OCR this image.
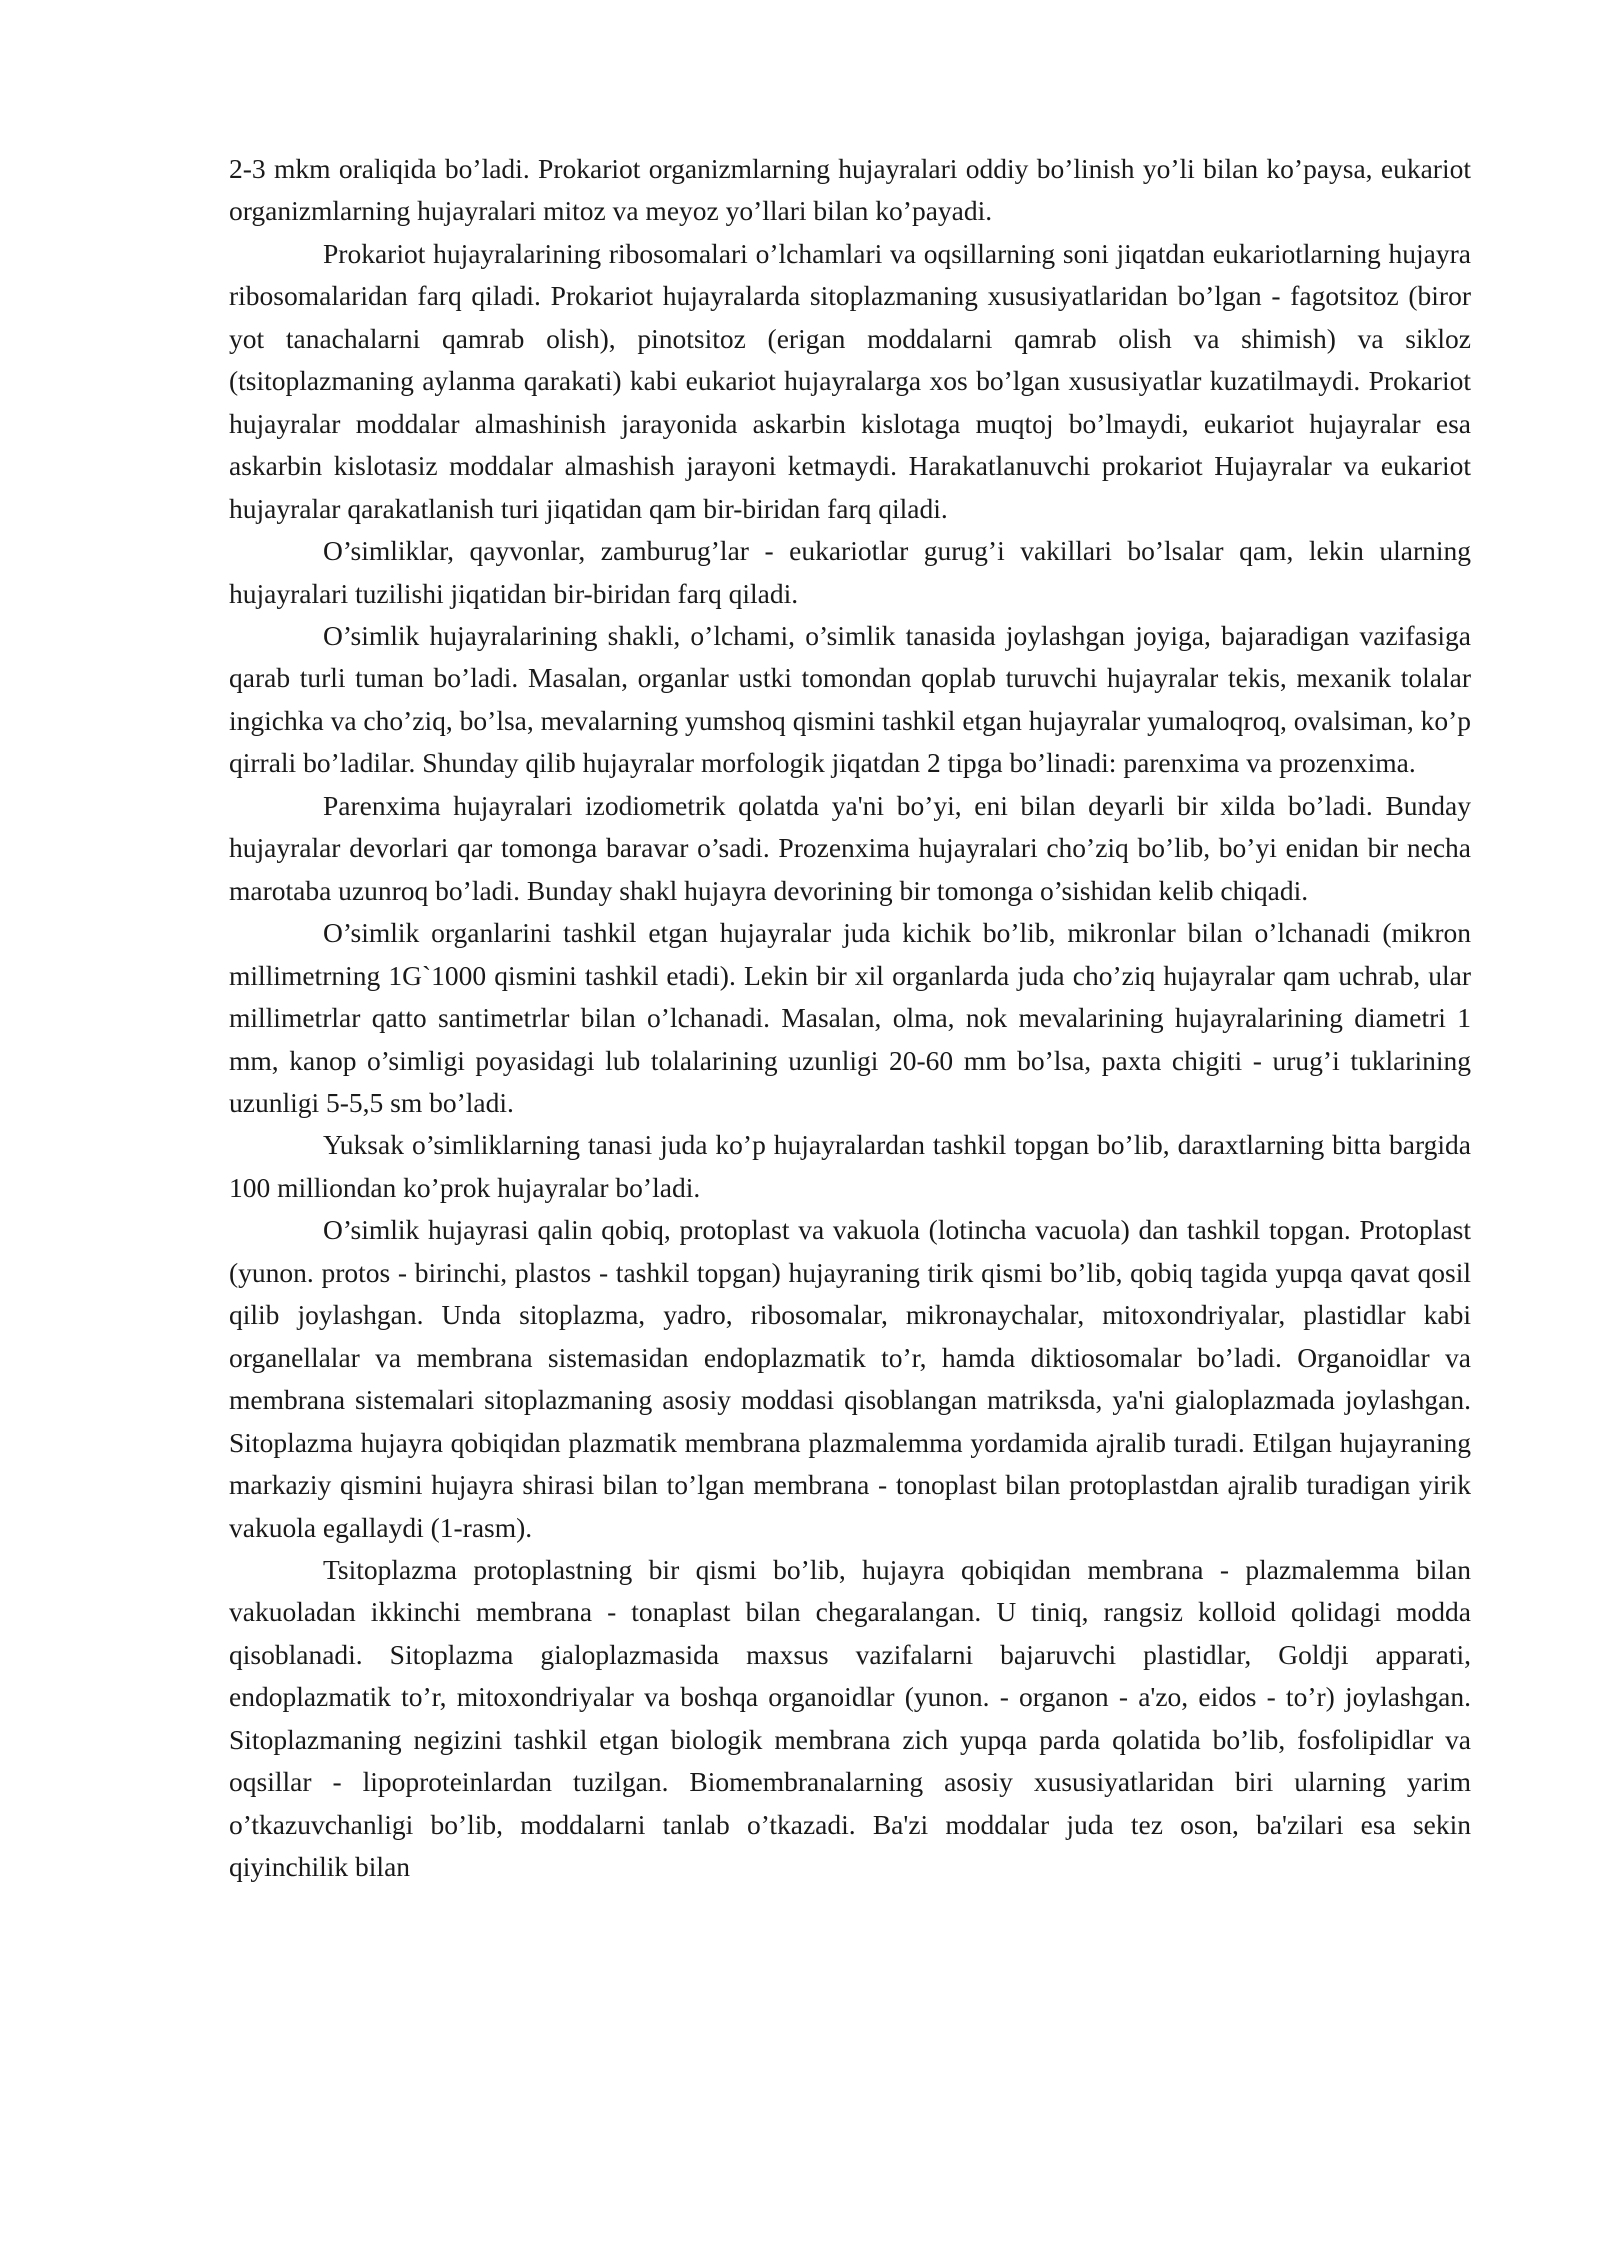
2-3 mkm oraliqida bo’ladi. Prokariot organizmlarning hujayralari oddiy bo’linish yo’li bilan ko’paysa, eukariot organizmlarning hujayralari mitoz va meyoz yo’llari bilan ko’payadi.

Prokariot hujayralarining ribosomalari o’lchamlari va oqsillarning soni jiqatdan eukariotlarning hujayra ribosomalaridan farq qiladi. Prokariot hujayralarda sitoplazmaning xususiyatlaridan bo’lgan - fagotsitoz (biror yot tanachalarni qamrab olish), pinotsitoz (erigan moddalarni qamrab olish va shimish) va sikloz (tsitoplazmaning aylanma qarakati) kabi eukariot hujayralarga xos bo’lgan xususiyatlar kuzatilmaydi. Prokariot hujayralar moddalar almashinish jarayonida askarbin kislotaga muqtoj bo’lmaydi, eukariot hujayralar esa askarbin kislotasiz moddalar almashish jarayoni ketmaydi. Harakatlanuvchi prokariot Hujayralar va eukariot hujayralar qarakatlanish turi jiqatidan qam bir-biridan farq qiladi.

O’simliklar, qayvonlar, zamburug’lar - eukariotlar gurug’i vakillari bo’lsalar qam, lekin ularning hujayralari tuzilishi jiqatidan bir-biridan farq qiladi.

O’simlik hujayralarining shakli, o’lchami, o’simlik tanasida joylashgan joyiga, bajaradigan vazifasiga qarab turli tuman bo’ladi. Masalan, organlar ustki tomondan qoplab turuvchi hujayralar tekis, mexanik tolalar ingichka va cho’ziq, bo’lsa, mevalarning yumshoq qismini tashkil etgan hujayralar yumaloqroq, ovalsiman, ko’p qirrali bo’ladilar. Shunday qilib hujayralar morfologik jiqatdan 2 tipga bo’linadi: parenxima va prozenxima.

Parenxima hujayralari izodiometrik qolatda ya'ni bo’yi, eni bilan deyarli bir xilda bo’ladi. Bunday hujayralar devorlari qar tomonga baravar o’sadi. Prozenxima hujayralari cho’ziq bo’lib, bo’yi enidan bir necha marotaba uzunroq bo’ladi. Bunday shakl hujayra devorining bir tomonga o’sishidan kelib chiqadi.

O’simlik organlarini tashkil etgan hujayralar juda kichik bo’lib, mikronlar bilan o’lchanadi (mikron millimetrning 1G`1000 qismini tashkil etadi). Lekin bir xil organlarda juda cho’ziq hujayralar qam uchrab, ular millimetrlar qatto santimetrlar bilan o’lchanadi. Masalan, olma, nok mevalarining hujayralarining diametri 1 mm, kanop o’simligi poyasidagi lub tolalarining uzunligi 20-60 mm bo’lsa, paxta chigiti - urug’i tuklarining uzunligi 5-5,5 sm bo’ladi.

Yuksak o’simliklarning tanasi juda ko’p hujayralardan tashkil topgan bo’lib, daraxtlarning bitta bargida 100 milliondan ko’prok hujayralar bo’ladi.

O’simlik hujayrasi qalin qobiq, protoplast va vakuola (lotincha vacuola) dan tashkil topgan. Protoplast (yunon. protos - birinchi, plastos - tashkil topgan) hujayraning tirik qismi bo’lib, qobiq tagida yupqa qavat qosil qilib joylashgan. Unda sitoplazma, yadro, ribosomalar, mikronaychalar, mitoxondriyalar, plastidlar kabi organellalar va membrana sistemasidan endoplazmatik to’r, hamda diktiosomalar bo’ladi. Organoidlar va membrana sistemalari sitoplazmaning asosiy moddasi qisoblangan matriksda, ya'ni gialoplazmada joylashgan. Sitoplazma hujayra qobiqidan plazmatik membrana plazmalemma yordamida ajralib turadi. Etilgan hujayraning markaziy qismini hujayra shirasi bilan to’lgan membrana - tonoplast bilan protoplastdan ajralib turadigan yirik vakuola egallaydi (1-rasm).

Tsitoplazma protoplastning bir qismi bo’lib, hujayra qobiqidan membrana - plazmalemma bilan vakuoladan ikkinchi membrana - tonaplast bilan chegaralangan. U tiniq, rangsiz kolloid qolidagi modda qisoblanadi. Sitoplazma gialoplazmasida maxsus vazifalarni bajaruvchi plastidlar, Goldji apparati, endoplazmatik to’r, mitoxondriyalar va boshqa organoidlar (yunon. - organon - a'zo, eidos - to’r) joylashgan. Sitoplazmaning negizini tashkil etgan biologik membrana zich yupqa parda qolatida bo’lib, fosfolipidlar va oqsillar - lipoproteinlardan tuzilgan. Biomembranalarning asosiy xususiyatlaridan biri ularning yarim o’tkazuvchanligi bo’lib, moddalarni tanlab o’tkazadi. Ba'zi moddalar juda tez oson, ba'zilari esa sekin qiyinchilik bilan
